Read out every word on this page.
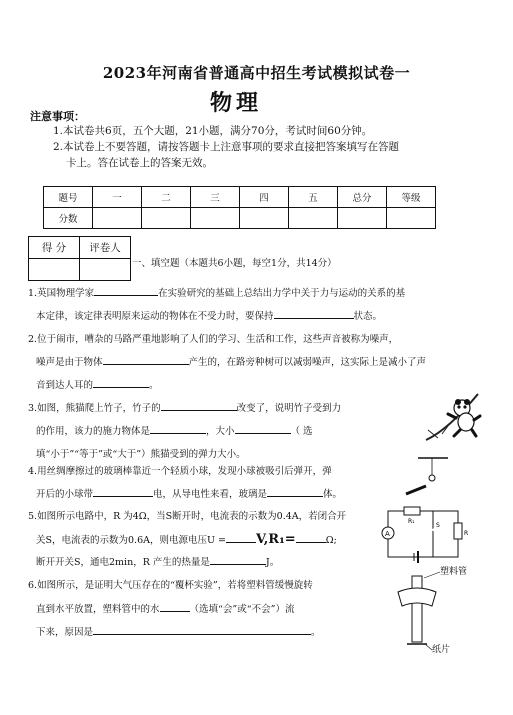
2023年河南省普通高中招生考试模拟试卷一
物理
注意事项：
1.本试卷共6页，五个大题，21小题，满分70分，考试时间60分钟。
2.本试卷上不要答题，请按答题卡上注意事项的要求直接把答案填写在答题
卡上。答在试卷上的答案无效。
题号	一	二	三	四	五	总分	等级
分数							
得 分	评卷人

一、填空题（本题共6小题，每空1分，共14分）
1.英国物理学家	在实验研究的基础上总结出力学中关于力与运动的关系的基
本定律，该定律表明原来运动的物体在不受力时，要保持	状态。
2.位于闹市，嘈杂的马路严重地影响了人们的学习、生活和工作，这些声音被称为噪声，
噪声是由于物体	产生的，在路旁种树可以减弱噪声，这实际上是减小了声
音到达人耳的	。
3.如图，熊猫爬上竹子，竹子的	改变了，说明竹子受到力
的作用，该力的施力物体是	，大小	（ 选
填“小于”“等于”或“大于”）熊猫受到的弹力大小。
4.用丝绸摩擦过的玻璃棒靠近一个轻质小球，发现小球被吸引后弹开，弹
开后的小球带	电，从导电性来看，玻璃是	体。
5.如图所示电路中，R 为4Ω，当S断开时，电流表的示数为0.4A，若闭合开
关S，电流表的示数为0.6A，则电源电压U = V,R₁=	Ω;
断开开关S，通电2min，R 产生的热量是	J。
R₁
R
S
A
6.如图所示，是证明大气压存在的“覆杯实验”，若将塑料管缓慢旋转
直到水平放置，塑料管中的水	（选填“会”或“不会”）流
下来，原因是	。
塑料管
纸片
